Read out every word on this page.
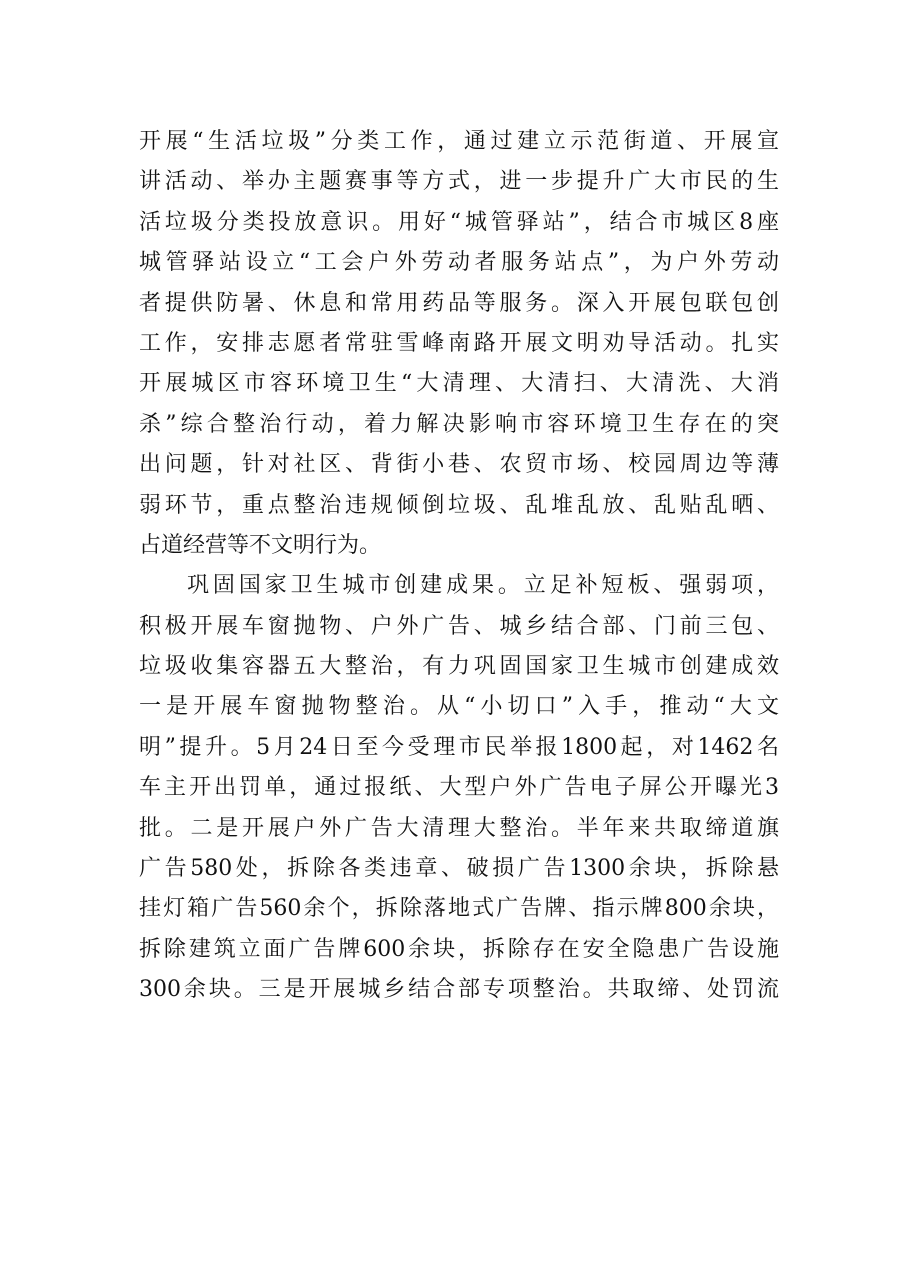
开展“生活垃圾”分类工作，通过建立示范街道、开展宣
讲活动、举办主题赛事等方式，进一步提升广大市民的生
活垃圾分类投放意识。用好“城管驿站”，结合市城区8座
城管驿站设立“工会户外劳动者服务站点”，为户外劳动
者提供防暑、休息和常用药品等服务。深入开展包联包创
工作，安排志愿者常驻雪峰南路开展文明劝导活动。扎实
开展城区市容环境卫生“大清理、大清扫、大清洗、大消
杀”综合整治行动，着力解决影响市容环境卫生存在的突
出问题，针对社区、背街小巷、农贸市场、校园周边等薄
弱环节，重点整治违规倾倒垃圾、乱堆乱放、乱贴乱晒、
占道经营等不文明行为。
巩固国家卫生城市创建成果。立足补短板、强弱项，
积极开展车窗抛物、户外广告、城乡结合部、门前三包、
垃圾收集容器五大整治，有力巩固国家卫生城市创建成效
一是开展车窗抛物整治。从“小切口”入手，推动“大文
明”提升。5月24日至今受理市民举报1800起，对1462名
车主开出罚单，通过报纸、大型户外广告电子屏公开曝光3
批。二是开展户外广告大清理大整治。半年来共取缔道旗
广告580处，拆除各类违章、破损广告1300余块，拆除悬
挂灯箱广告560余个，拆除落地式广告牌、指示牌800余块，
拆除建筑立面广告牌600余块，拆除存在安全隐患广告设施
300余块。三是开展城乡结合部专项整治。共取缔、处罚流
